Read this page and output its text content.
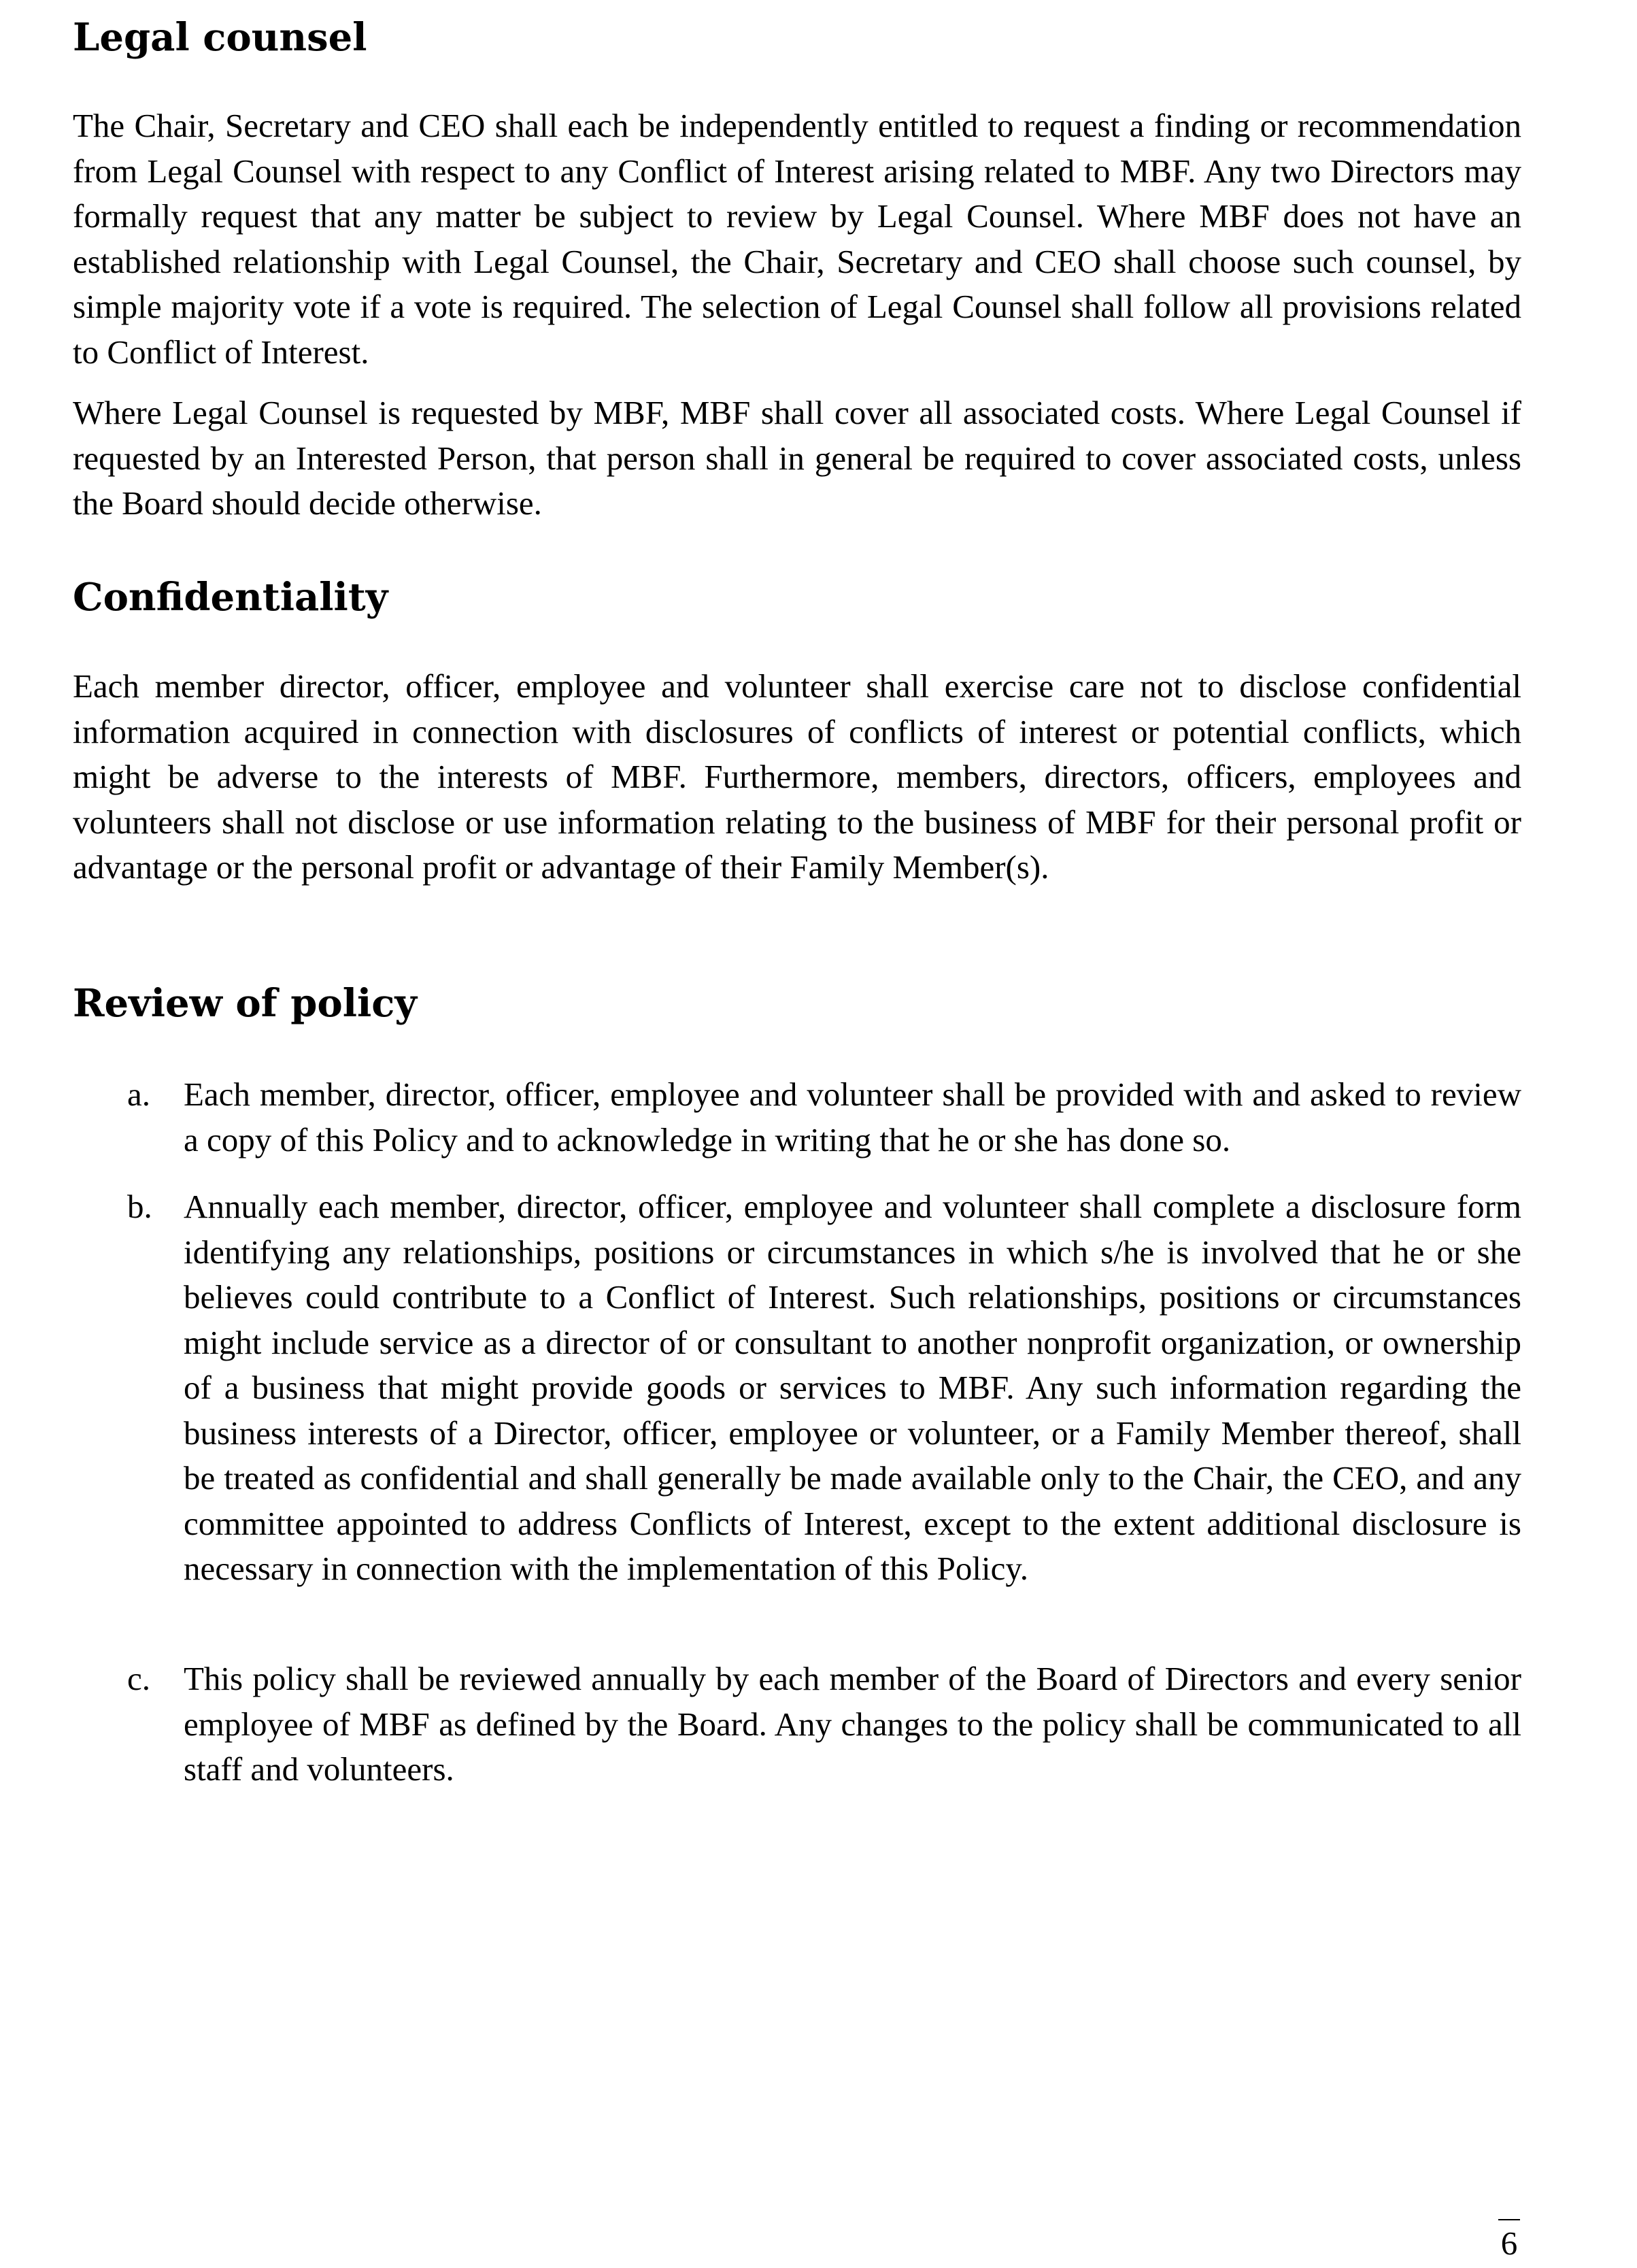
Legal counsel

The Chair, Secretary and CEO shall each be independently entitled to request a finding or recommendation from Legal Counsel with respect to any Conflict of Interest arising related to MBF. Any two Directors may formally request that any matter be subject to review by Legal Counsel. Where MBF does not have an established relationship with Legal Counsel, the Chair, Secretary and CEO shall choose such counsel, by simple majority vote if a vote is required. The selection of Legal Counsel shall follow all provisions related to Conflict of Interest.

Where Legal Counsel is requested by MBF, MBF shall cover all associated costs. Where Legal Counsel if requested by an Interested Person, that person shall in general be required to cover associated costs, unless the Board should decide otherwise.

Confidentiality

Each member director, officer, employee and volunteer shall exercise care not to disclose confidential information acquired in connection with disclosures of conflicts of interest or potential conflicts, which might be adverse to the interests of MBF. Furthermore, members, directors, officers, employees and volunteers shall not disclose or use information relating to the business of MBF for their personal profit or advantage or the personal profit or advantage of their Family Member(s).

Review of policy
a. Each member, director, officer, employee and volunteer shall be provided with and asked to review a copy of this Policy and to acknowledge in writing that he or she has done so.

b. Annually each member, director, officer, employee and volunteer shall complete a disclosure form identifying any relationships, positions or circumstances in which s/he is involved that he or she believes could contribute to a Conflict of Interest. Such relationships, positions or circumstances might include service as a director of or consultant to another nonprofit organization, or ownership of a business that might provide goods or services to MBF. Any such information regarding the business interests of a Director, officer, employee or volunteer, or a Family Member thereof, shall be treated as confidential and shall generally be made available only to the Chair, the CEO, and any committee appointed to address Conflicts of Interest, except to the extent additional disclosure is necessary in connection with the implementation of this Policy.

c. This policy shall be reviewed annually by each member of the Board of Directors and every senior employee of MBF as defined by the Board. Any changes to the policy shall be communicated to all staff and volunteers.

6
